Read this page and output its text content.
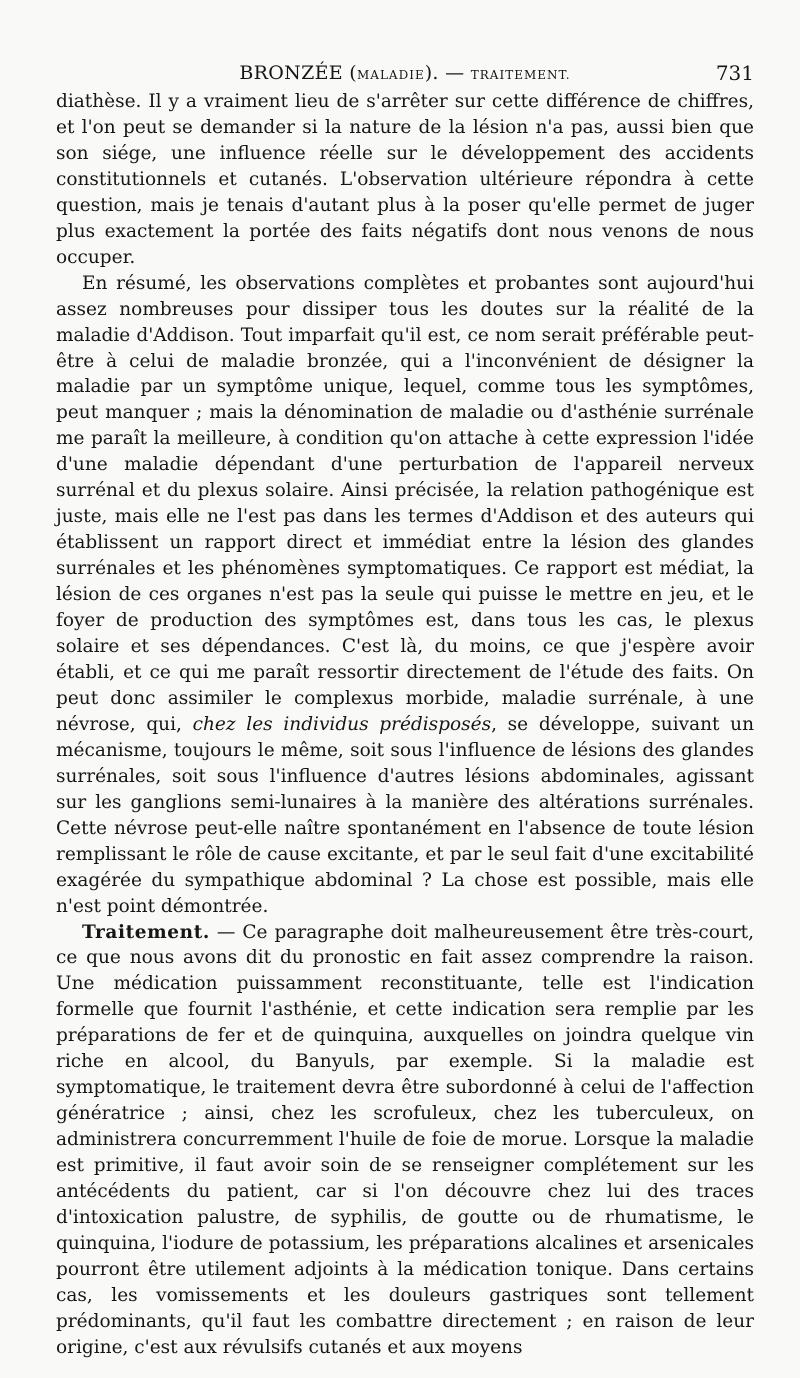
BRONZÉE (MALADIE). — TRAITEMENT.	731

diathèse. Il y a vraiment lieu de s'arrêter sur cette différence de chiffres, et l'on peut se demander si la nature de la lésion n'a pas, aussi bien que son siége, une influence réelle sur le développement des accidents constitutionnels et cutanés. L'observation ultérieure répondra à cette question, mais je tenais d'autant plus à la poser qu'elle permet de juger plus exactement la portée des faits négatifs dont nous venons de nous occuper.

En résumé, les observations complètes et probantes sont aujourd'hui assez nombreuses pour dissiper tous les doutes sur la réalité de la maladie d'Addison. Tout imparfait qu'il est, ce nom serait préférable peut-être à celui de maladie bronzée, qui a l'inconvénient de désigner la maladie par un symptôme unique, lequel, comme tous les symptômes, peut manquer ; mais la dénomination de maladie ou d'asthénie surrénale me paraît la meilleure, à condition qu'on attache à cette expression l'idée d'une maladie dépendant d'une perturbation de l'appareil nerveux surrénal et du plexus solaire. Ainsi précisée, la relation pathogénique est juste, mais elle ne l'est pas dans les termes d'Addison et des auteurs qui établissent un rapport direct et immédiat entre la lésion des glandes surrénales et les phénomènes symptomatiques. Ce rapport est médiat, la lésion de ces organes n'est pas la seule qui puisse le mettre en jeu, et le foyer de production des symptômes est, dans tous les cas, le plexus solaire et ses dépendances. C'est là, du moins, ce que j'espère avoir établi, et ce qui me paraît ressortir directement de l'étude des faits. On peut donc assimiler le complexus morbide, maladie surrénale, à une névrose, qui, chez les individus prédisposés, se développe, suivant un mécanisme, toujours le même, soit sous l'influence de lésions des glandes surrénales, soit sous l'influence d'autres lésions abdominales, agissant sur les ganglions semi-lunaires à la manière des altérations surrénales. Cette névrose peut-elle naître spontanément en l'absence de toute lésion remplissant le rôle de cause excitante, et par le seul fait d'une excitabilité exagérée du sympathique abdominal ? La chose est possible, mais elle n'est point démontrée.

Traitement. — Ce paragraphe doit malheureusement être très-court, ce que nous avons dit du pronostic en fait assez comprendre la raison. Une médication puissamment reconstituante, telle est l'indication formelle que fournit l'asthénie, et cette indication sera remplie par les préparations de fer et de quinquina, auxquelles on joindra quelque vin riche en alcool, du Banyuls, par exemple. Si la maladie est symptomatique, le traitement devra être subordonné à celui de l'affection génératrice ; ainsi, chez les scrofuleux, chez les tuberculeux, on administrera concurremment l'huile de foie de morue. Lorsque la maladie est primitive, il faut avoir soin de se renseigner complétement sur les antécédents du patient, car si l'on découvre chez lui des traces d'intoxication palustre, de syphilis, de goutte ou de rhumatisme, le quinquina, l'iodure de potassium, les préparations alcalines et arsenicales pourront être utilement adjoints à la médication tonique. Dans certains cas, les vomissements et les douleurs gastriques sont tellement prédominants, qu'il faut les combattre directement ; en raison de leur origine, c'est aux révulsifs cutanés et aux moyens
